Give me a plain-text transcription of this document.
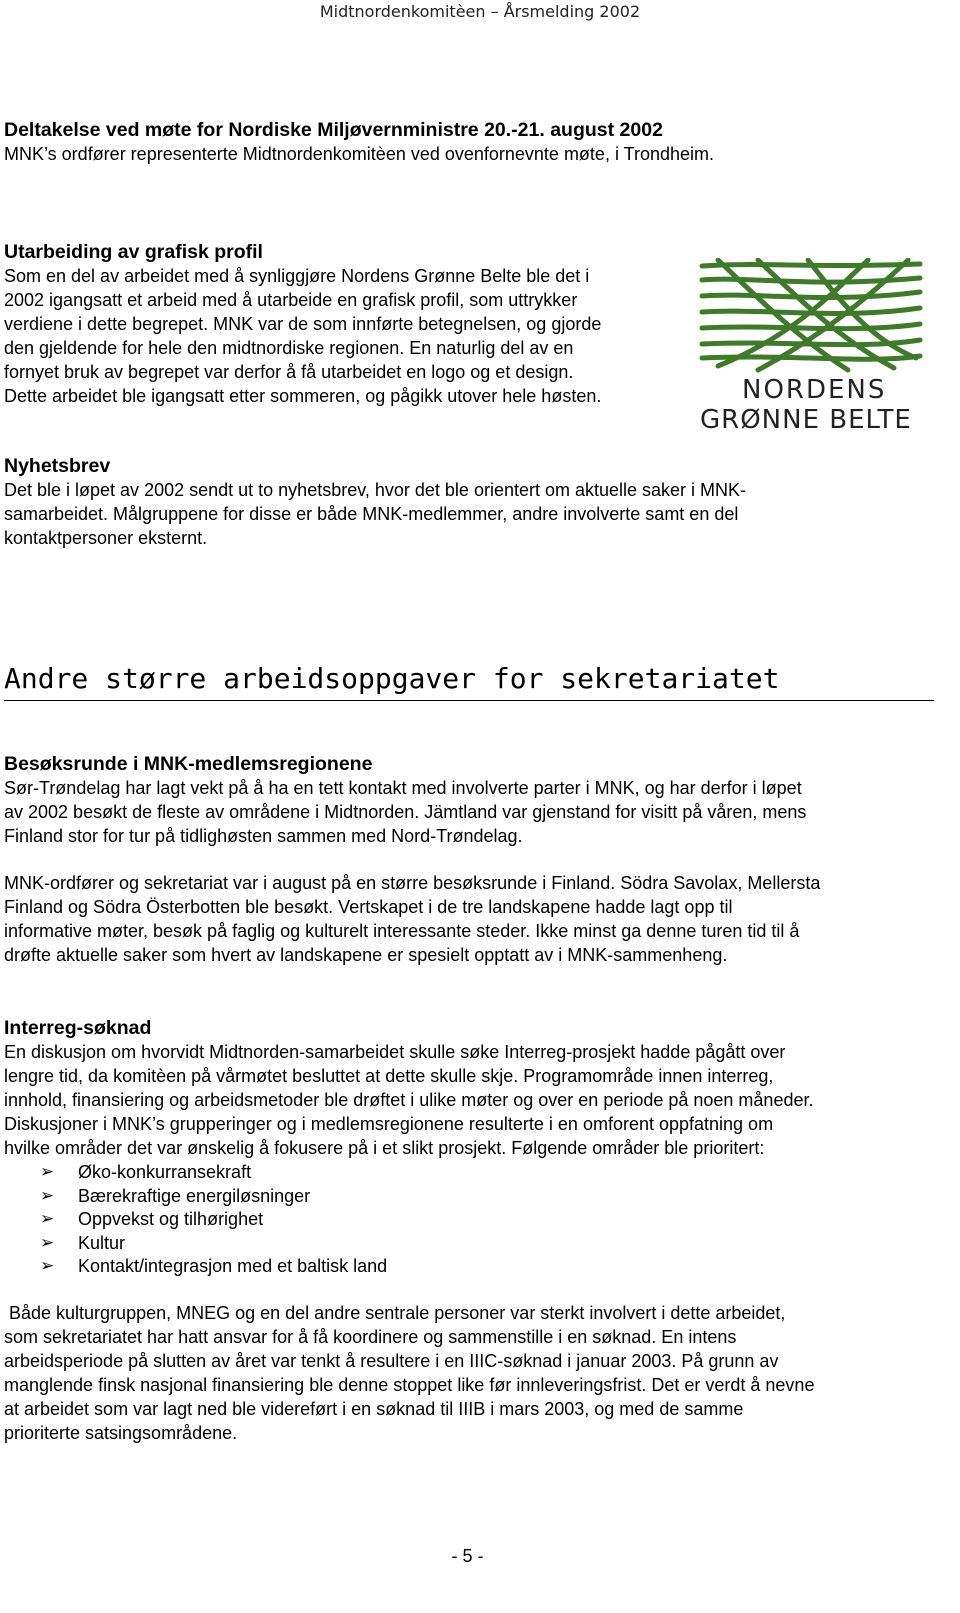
Midtnordenkomitèen – Årsmelding 2002

Deltakelse ved møte for Nordiske Miljøvernministre 20.-21. august 2002

MNK’s ordfører representerte Midtnordenkomitèen ved ovenfornevnte møte, i Trondheim.

Utarbeiding av grafisk profil

Som en del av arbeidet med å synliggjøre Nordens Grønne Belte ble det i

2002 igangsatt et arbeid med å utarbeide en grafisk profil, som uttrykker

verdiene i dette begrepet. MNK var de som innførte betegnelsen, og gjorde

den gjeldende for hele den midtnordiske regionen. En naturlig del av en

fornyet bruk av begrepet var derfor å få utarbeidet en logo og et design.

Dette arbeidet ble igangsatt etter sommeren, og pågikk utover hele høsten.	NORDENS
GRØNNE BELTE

Nyhetsbrev

Det ble i løpet av 2002 sendt ut to nyhetsbrev, hvor det ble orientert om aktuelle saker i MNK-

samarbeidet. Målgruppene for disse er både MNK-medlemmer, andre involverte samt en del

kontaktpersoner eksternt.

Andre større arbeidsoppgaver for sekretariatet

Besøksrunde i MNK-medlemsregionene

Sør-Trøndelag har lagt vekt på å ha en tett kontakt med involverte parter i MNK, og har derfor i løpet

av 2002 besøkt de fleste av områdene i Midtnorden. Jämtland var gjenstand for visitt på våren, mens

Finland stor for tur på tidlighøsten sammen med Nord-Trøndelag.

MNK-ordfører og sekretariat var i august på en større besøksrunde i Finland. Södra Savolax, Mellersta

Finland og Södra Österbotten ble besøkt. Vertskapet i de tre landskapene hadde lagt opp til

informative møter, besøk på faglig og kulturelt interessante steder. Ikke minst ga denne turen tid til å

drøfte aktuelle saker som hvert av landskapene er spesielt opptatt av i MNK-sammenheng.

Interreg-søknad

En diskusjon om hvorvidt Midtnorden-samarbeidet skulle søke Interreg-prosjekt hadde pågått over

lengre tid, da komitèen på vårmøtet besluttet at dette skulle skje. Programområde innen interreg,

innhold, finansiering og arbeidsmetoder ble drøftet i ulike møter og over en periode på noen måneder.

Diskusjoner i MNK’s grupperinger og i medlemsregionene resulterte i en omforent oppfatning om

hvilke områder det var ønskelig å fokusere på i et slikt prosjekt. Følgende områder ble prioritert:

➢ Øko-konkurransekraft
➢ Bærekraftige energiløsninger
➢ Oppvekst og tilhørighet
➢ Kultur
➢ Kontakt/integrasjon med et baltisk land

Både kulturgruppen, MNEG og en del andre sentrale personer var sterkt involvert i dette arbeidet,

som sekretariatet har hatt ansvar for å få koordinere og sammenstille i en søknad. En intens

arbeidsperiode på slutten av året var tenkt å resultere i en IIIC-søknad i januar 2003. På grunn av

manglende finsk nasjonal finansiering ble denne stoppet like før innleveringsfrist. Det er verdt å nevne

at arbeidet som var lagt ned ble videreført i en søknad til IIIB i mars 2003, og med de samme

prioriterte satsingsområdene.

- 5 -
